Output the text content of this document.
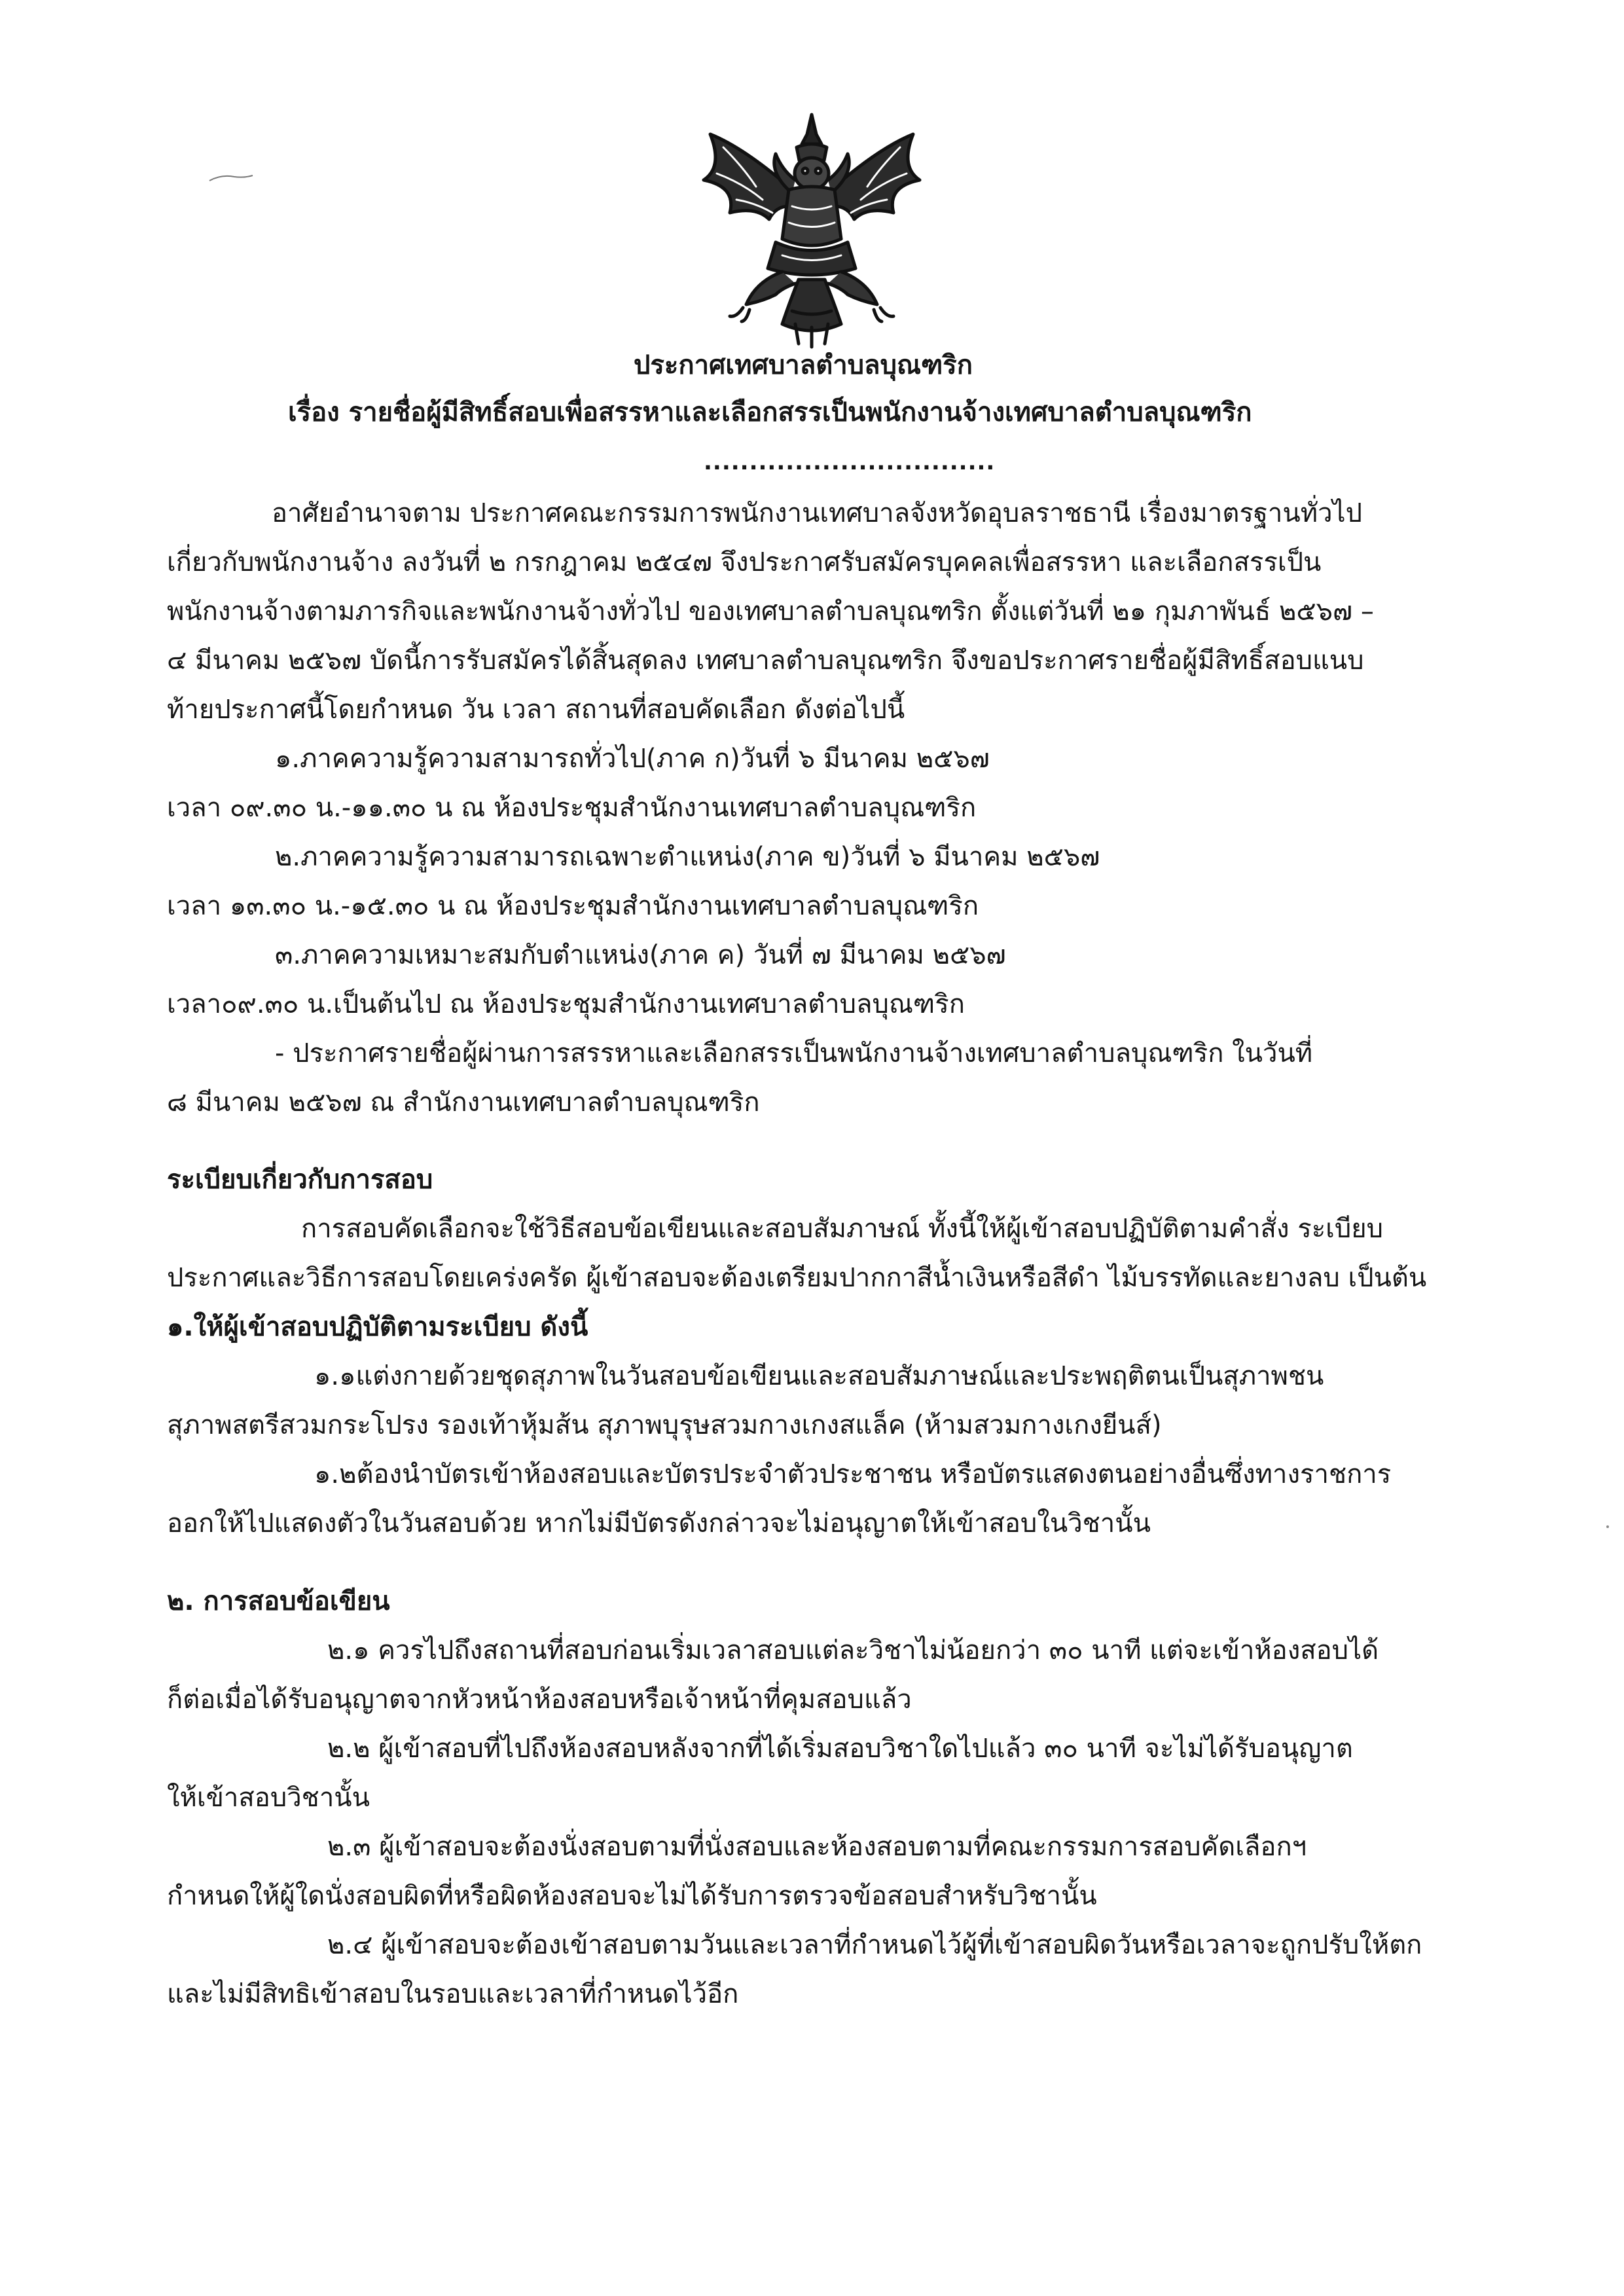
ประกาศเทศบาลตำบลบุณฑริก
เรื่อง รายชื่อผู้มีสิทธิ์สอบเพื่อสรรหาและเลือกสรรเป็นพนักงานจ้างเทศบาลตำบลบุณฑริก
................................
อาศัยอำนาจตาม ประกาศคณะกรรมการพนักงานเทศบาลจังหวัดอุบลราชธานี เรื่องมาตรฐานทั่วไป
เกี่ยวกับพนักงานจ้าง ลงวันที่ ๒ กรกฎาคม ๒๕๔๗ จึงประกาศรับสมัครบุคคลเพื่อสรรหา และเลือกสรรเป็น
พนักงานจ้างตามภารกิจและพนักงานจ้างทั่วไป ของเทศบาลตำบลบุณฑริก ตั้งแต่วันที่ ๒๑ กุมภาพันธ์ ๒๕๖๗ –
๔ มีนาคม ๒๕๖๗ บัดนี้การรับสมัครได้สิ้นสุดลง เทศบาลตำบลบุณฑริก จึงขอประกาศรายชื่อผู้มีสิทธิ์สอบแนบ
ท้ายประกาศนี้โดยกำหนด วัน เวลา สถานที่สอบคัดเลือก ดังต่อไปนี้
๑.ภาคความรู้ความสามารถทั่วไป(ภาค ก)วันที่ ๖ มีนาคม ๒๕๖๗
เวลา ๐๙.๓๐ น.-๑๑.๓๐ น ณ ห้องประชุมสำนักงานเทศบาลตำบลบุณฑริก
๒.ภาคความรู้ความสามารถเฉพาะตำแหน่ง(ภาค ข)วันที่ ๖ มีนาคม ๒๕๖๗
เวลา ๑๓.๓๐ น.-๑๕.๓๐ น ณ ห้องประชุมสำนักงานเทศบาลตำบลบุณฑริก
๓.ภาคความเหมาะสมกับตำแหน่ง(ภาค ค) วันที่ ๗ มีนาคม ๒๕๖๗
เวลา๐๙.๓๐ น.เป็นต้นไป ณ ห้องประชุมสำนักงานเทศบาลตำบลบุณฑริก
- ประกาศรายชื่อผู้ผ่านการสรรหาและเลือกสรรเป็นพนักงานจ้างเทศบาลตำบลบุณฑริก ในวันที่
๘ มีนาคม ๒๕๖๗ ณ สำนักงานเทศบาลตำบลบุณฑริก
ระเบียบเกี่ยวกับการสอบ
การสอบคัดเลือกจะใช้วิธีสอบข้อเขียนและสอบสัมภาษณ์ ทั้งนี้ให้ผู้เข้าสอบปฏิบัติตามคำสั่ง ระเบียบ
ประกาศและวิธีการสอบโดยเคร่งครัด ผู้เข้าสอบจะต้องเตรียมปากกาสีน้ำเงินหรือสีดำ ไม้บรรทัดและยางลบ เป็นต้น
๑.ให้ผู้เข้าสอบปฏิบัติตามระเบียบ ดังนี้
๑.๑แต่งกายด้วยชุดสุภาพในวันสอบข้อเขียนและสอบสัมภาษณ์และประพฤติตนเป็นสุภาพชน
สุภาพสตรีสวมกระโปรง รองเท้าหุ้มส้น สุภาพบุรุษสวมกางเกงสแล็ค (ห้ามสวมกางเกงยีนส์)
๑.๒ต้องนำบัตรเข้าห้องสอบและบัตรประจำตัวประชาชน หรือบัตรแสดงตนอย่างอื่นซึ่งทางราชการ
ออกให้ไปแสดงตัวในวันสอบด้วย หากไม่มีบัตรดังกล่าวจะไม่อนุญาตให้เข้าสอบในวิชานั้น
๒. การสอบข้อเขียน
๒.๑ ควรไปถึงสถานที่สอบก่อนเริ่มเวลาสอบแต่ละวิชาไม่น้อยกว่า ๓๐ นาที แต่จะเข้าห้องสอบได้
ก็ต่อเมื่อได้รับอนุญาตจากหัวหน้าห้องสอบหรือเจ้าหน้าที่คุมสอบแล้ว
๒.๒ ผู้เข้าสอบที่ไปถึงห้องสอบหลังจากที่ได้เริ่มสอบวิชาใดไปแล้ว ๓๐ นาที จะไม่ได้รับอนุญาต
ให้เข้าสอบวิชานั้น
๒.๓ ผู้เข้าสอบจะต้องนั่งสอบตามที่นั่งสอบและห้องสอบตามที่คณะกรรมการสอบคัดเลือกฯ
กำหนดให้ผู้ใดนั่งสอบผิดที่หรือผิดห้องสอบจะไม่ได้รับการตรวจข้อสอบสำหรับวิชานั้น
๒.๔ ผู้เข้าสอบจะต้องเข้าสอบตามวันและเวลาที่กำหนดไว้ผู้ที่เข้าสอบผิดวันหรือเวลาจะถูกปรับให้ตก
และไม่มีสิทธิเข้าสอบในรอบและเวลาที่กำหนดไว้อีก
